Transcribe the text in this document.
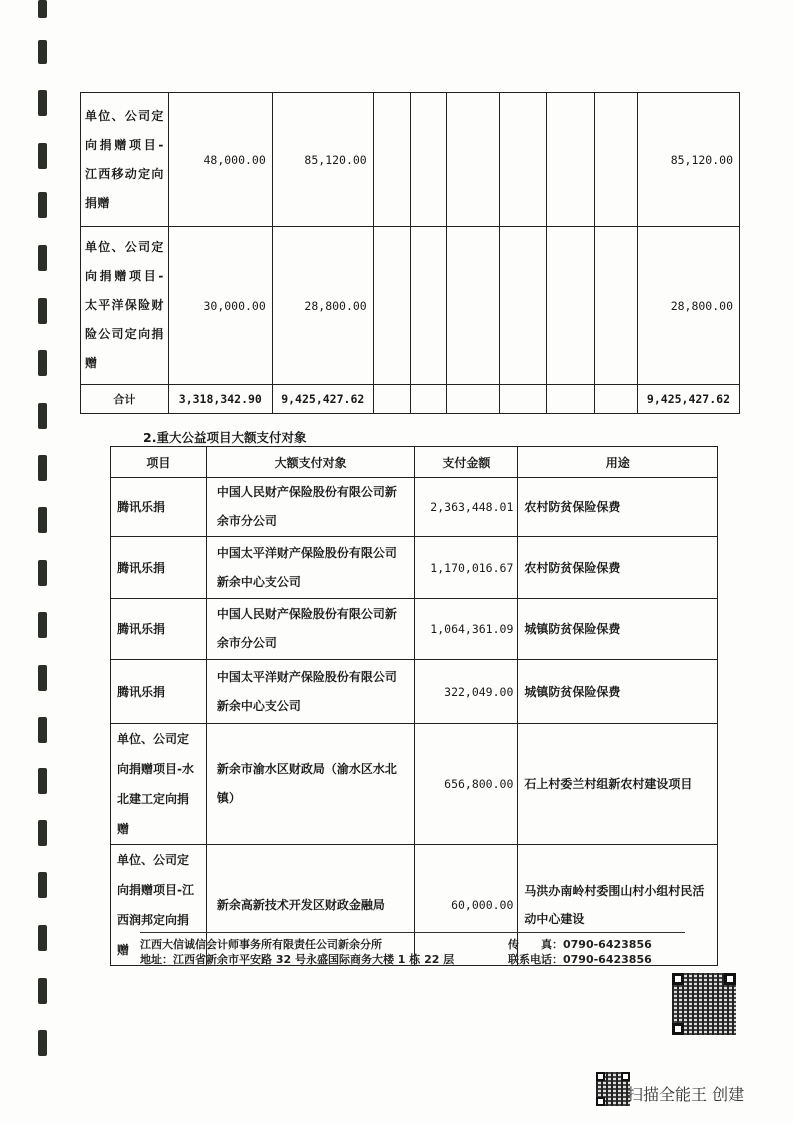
单位、公司定向捐赠项目-江西移动定向捐赠	48,000.00	85,120.00							85,120.00
单位、公司定向捐赠项目-太平洋保险财险公司定向捐赠	30,000.00	28,800.00							28,800.00
合计	3,318,342.90	9,425,427.62							9,425,427.62
2.重大公益项目大额支付对象
项目	大额支付对象	支付金额	用途
腾讯乐捐	中国人民财产保险股份有限公司新余市分公司	2,363,448.01	农村防贫保险保费
腾讯乐捐	中国太平洋财产保险股份有限公司新余中心支公司	1,170,016.67	农村防贫保险保费
腾讯乐捐	中国人民财产保险股份有限公司新余市分公司	1,064,361.09	城镇防贫保险保费
腾讯乐捐	中国太平洋财产保险股份有限公司新余中心支公司	322,049.00	城镇防贫保险保费
单位、公司定向捐赠项目-水北建工定向捐赠	新余市渝水区财政局（渝水区水北镇）	656,800.00	石上村委兰村组新农村建设项目
单位、公司定向捐赠项目-江西润邦定向捐赠	新余高新技术开发区财政金融局	60,000.00	马洪办南岭村委围山村小组村民活动中心建设
江西大信诚信会计师事务所有限责任公司新余分所
地址：江西省新余市平安路 32 号永盛国际商务大楼 1 栋 22 层
传　　真：0790-6423856
联系电话：0790-6423856
扫描全能王 创建
